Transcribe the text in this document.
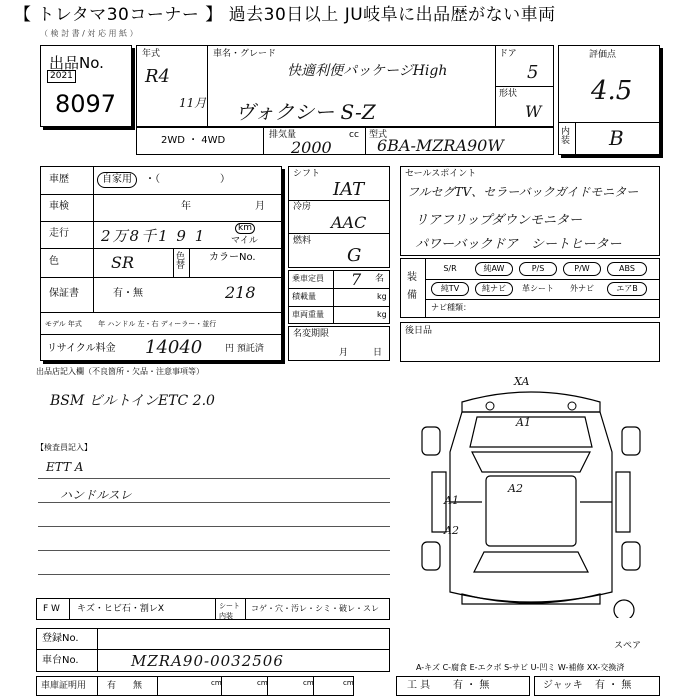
【 トレタマ30コーナー 】 過去30日以上 JU岐阜に出品歴がない車両
（ 検 討 書 / 対 応 用 紙 ）
出品No.
2021
8097
年式
R4
11月
車名・グレード
快適利便パッケージHigh
ヴォクシー S-Z
ドア
5
形状
W
評価点
4.5
内装 B
2WD ・ 4WD	排気量	cc
2000
型式
6BA-MZRA90W
車歴	自家用	・（　　　　　　）
車検	年	月
走行 2万8千1 9 1	km
マイル
色	SR	色替
カラーNo.
保証書	有・無	218
モデル 年式 　　年 ハンドル 左・右 ディーラー・並行
リサイクル料金 14040	円 預託済
シフト
IAT
冷房
AAC
燃料
G
乗車定員 7 名
積載量	kg
車両重量	kg
名変期限
月	日
セールスポイント
フルセグTV、セラーバックガイドモニター
リアフリップダウンモニター
パワーバックドア　シートヒーター
装備
S/R	純AW	P/S	P/W	ABS
純TV	純ナビ	革シート	外ナビ	エアB
ナビ種類：
後日品
出品店記入欄（不良箇所・欠品・注意事項等）
BSM ビルトインETC 2.0
【検査員記入】
ETT A
ハンドルスレ
XA
A1
A2
A1
A2
F W キズ・ヒビ石・割レX	シート内装
コゲ・穴・汚レ・シミ・破レ・スレ
登録No.
車台No.	MZRA90-0032506
車庫証明用 有 無	cm	cm	cm	cm
A-キズ C-腐食 E-エクボ S-サビ U-凹ミ W-補修 XX-交換済
スペア
工 具 有 ・ 無	ジャッキ 有 ・ 無
